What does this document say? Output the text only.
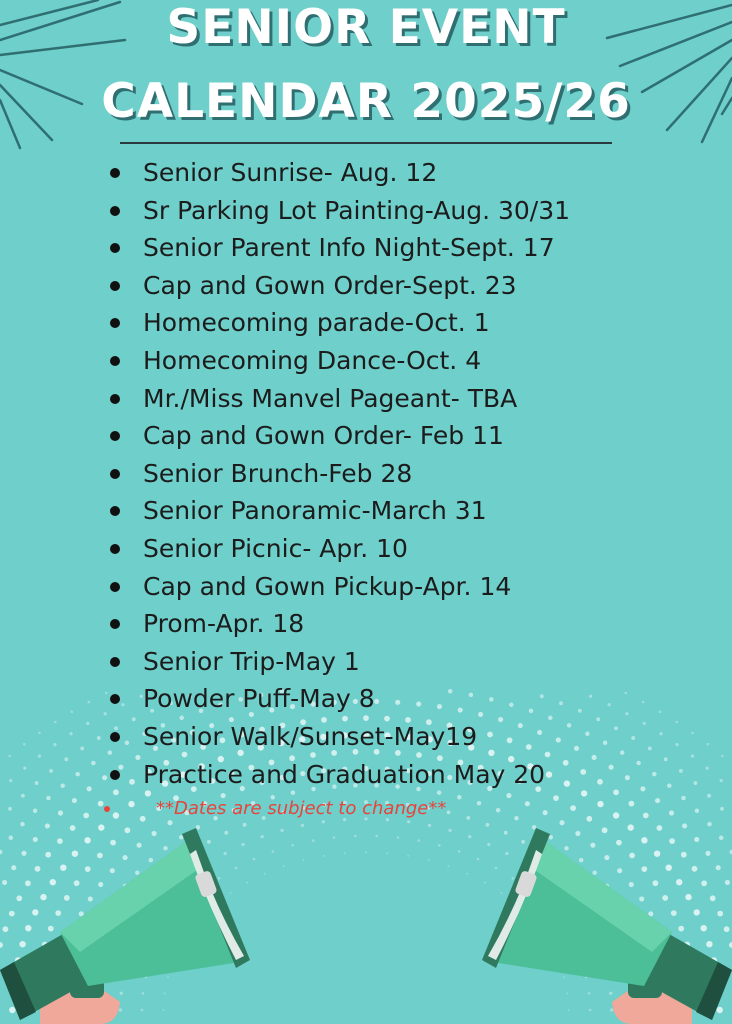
SENIOR EVENT
CALENDAR 2025/26
Senior Sunrise- Aug. 12
Sr Parking Lot Painting-Aug. 30/31
Senior Parent Info Night-Sept. 17
Cap and Gown Order-Sept. 23
Homecoming parade-Oct. 1
Homecoming Dance-Oct. 4
Mr./Miss Manvel Pageant- TBA
Cap and Gown Order- Feb 11
Senior Brunch-Feb 28
Senior Panoramic-March 31
Senior Picnic- Apr. 10
Cap and Gown Pickup-Apr. 14
Prom-Apr. 18
Senior Trip-May 1
Powder Puff-May 8
Senior Walk/Sunset-May19
Practice and Graduation May 20
**Dates are subject to change**
